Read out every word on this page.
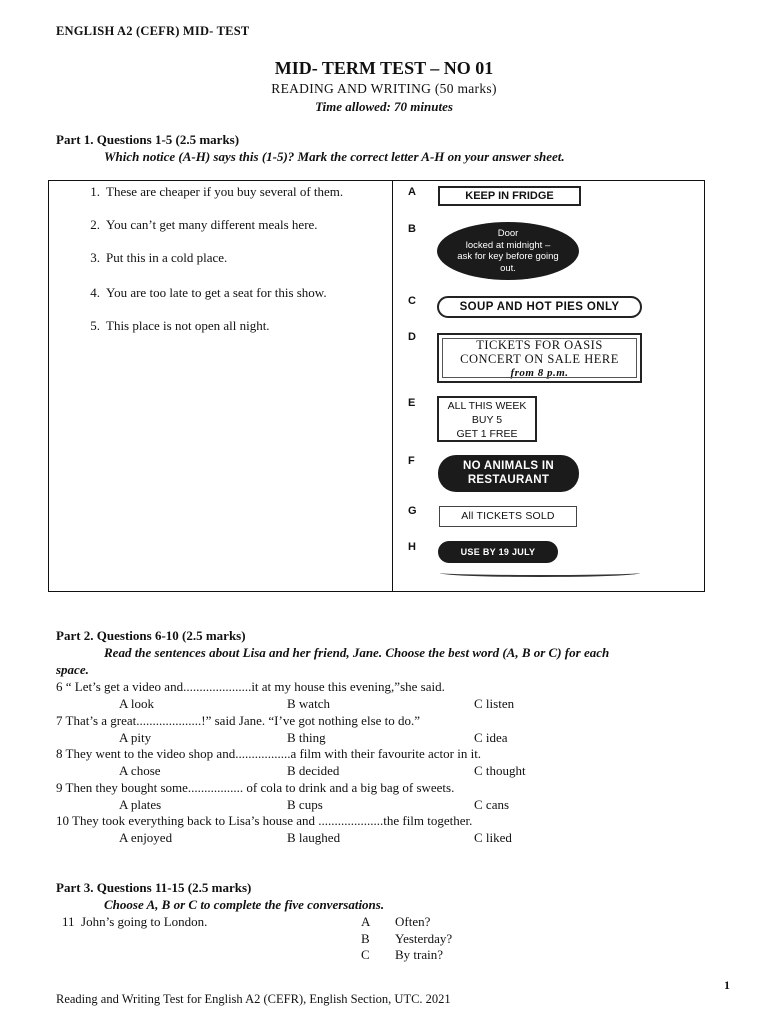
ENGLISH A2 (CEFR) MID- TEST
MID- TERM TEST – NO 01
READING AND WRITING (50 marks)
Time allowed: 70 minutes
Part 1. Questions 1-5 (2.5 marks)
Which notice (A-H) says this (1-5)? Mark the correct letter A-H on your answer sheet.
1. These are cheaper if you buy several of them.
2. You can’t get many different meals here.
3. Put this in a cold place.
4. You are too late to get a seat for this show.
5. This place is not open all night.
A
B
C
D
E
F
G
H
KEEP IN FRIDGE
Door
locked at midnight –
ask for key before going
out.
SOUP AND HOT PIES ONLY
TICKETS FOR OASIS
CONCERT ON SALE HERE
from 8 p.m.
ALL THIS WEEK
BUY 5
GET 1 FREE
NO ANIMALS IN
RESTAURANT
All TICKETS SOLD
USE BY 19 JULY
Part 2. Questions 6-10 (2.5 marks)
Read the sentences about Lisa and her friend, Jane. Choose the best word (A, B or C) for each
space.
6 “ Let’s get a video and.....................it at my house this evening,”she said.
A look	B watch	C listen
7 That’s a great....................!” said Jane. “I’ve got nothing else to do.”
A pity	B thing	C idea
8 They went to the video shop and.................a film with their favourite actor in it.
A chose	B decided	C thought
9 Then they bought some................. of cola to drink and a big bag of sweets.
A plates	B cups	C cans
10 They took everything back to Lisa’s house and ....................the film together.
A enjoyed	B laughed	C liked
Part 3. Questions 11-15 (2.5 marks)
Choose A, B or C to complete the five conversations.
11 John’s going to London.	A Often?
B Yesterday?
C By train?
1
Reading and Writing Test for English A2 (CEFR), English Section, UTC. 2021
